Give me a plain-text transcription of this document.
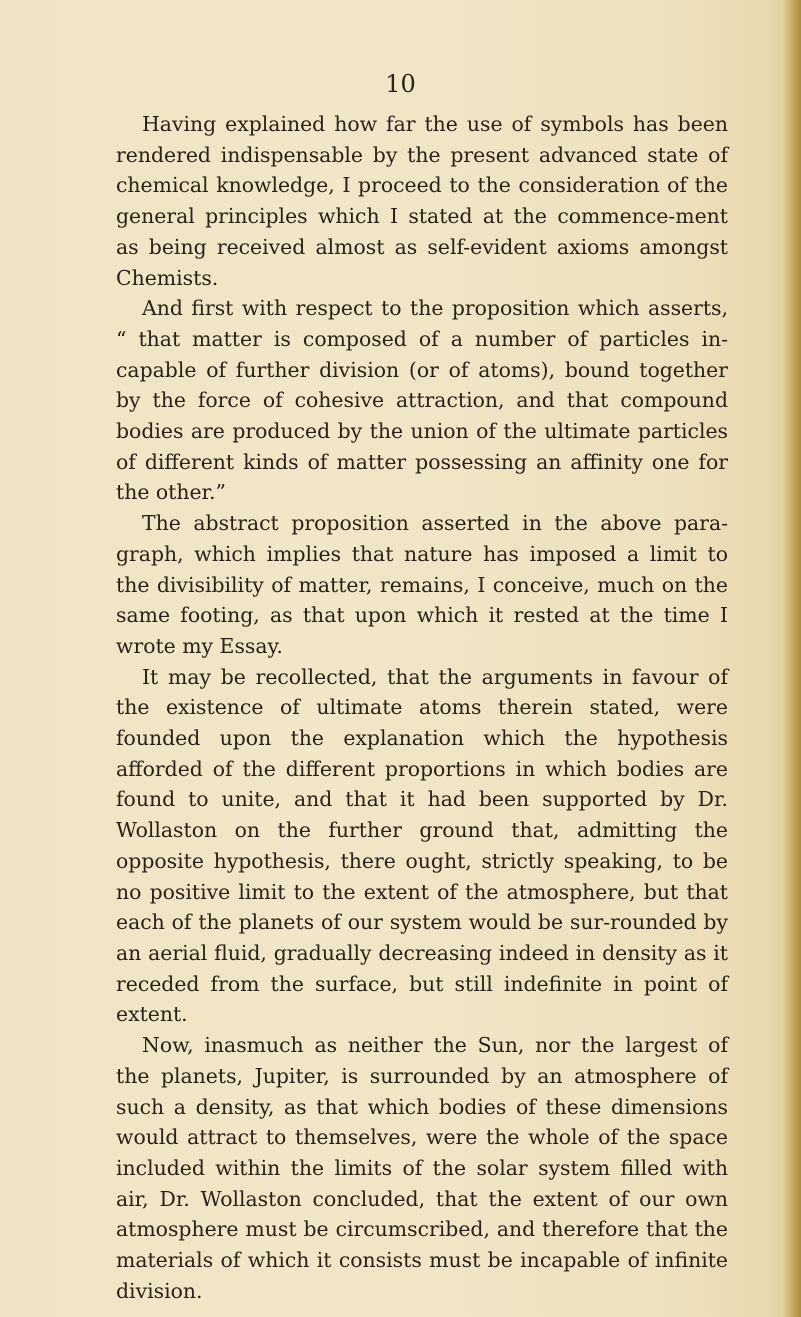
10

Having explained how far the use of symbols has been rendered indispensable by the present advanced state of chemical knowledge, I proceed to the consideration of the general principles which I stated at the commence-ment as being received almost as self-evident axioms amongst Chemists.

And first with respect to the proposition which asserts, “ that matter is composed of a number of particles in-capable of further division (or of atoms), bound together by the force of cohesive attraction, and that compound bodies are produced by the union of the ultimate particles of different kinds of matter possessing an affinity one for the other.”

The abstract proposition asserted in the above para-graph, which implies that nature has imposed a limit to the divisibility of matter, remains, I conceive, much on the same footing, as that upon which it rested at the time I wrote my Essay.

It may be recollected, that the arguments in favour of the existence of ultimate atoms therein stated, were founded upon the explanation which the hypothesis afforded of the different proportions in which bodies are found to unite, and that it had been supported by Dr. Wollaston on the further ground that, admitting the opposite hypothesis, there ought, strictly speaking, to be no positive limit to the extent of the atmosphere, but that each of the planets of our system would be sur-rounded by an aerial fluid, gradually decreasing indeed in density as it receded from the surface, but still indefinite in point of extent.

Now, inasmuch as neither the Sun, nor the largest of the planets, Jupiter, is surrounded by an atmosphere of such a density, as that which bodies of these dimensions would attract to themselves, were the whole of the space included within the limits of the solar system filled with air, Dr. Wollaston concluded, that the extent of our own atmosphere must be circumscribed, and therefore that the materials of which it consists must be incapable of infinite division.
